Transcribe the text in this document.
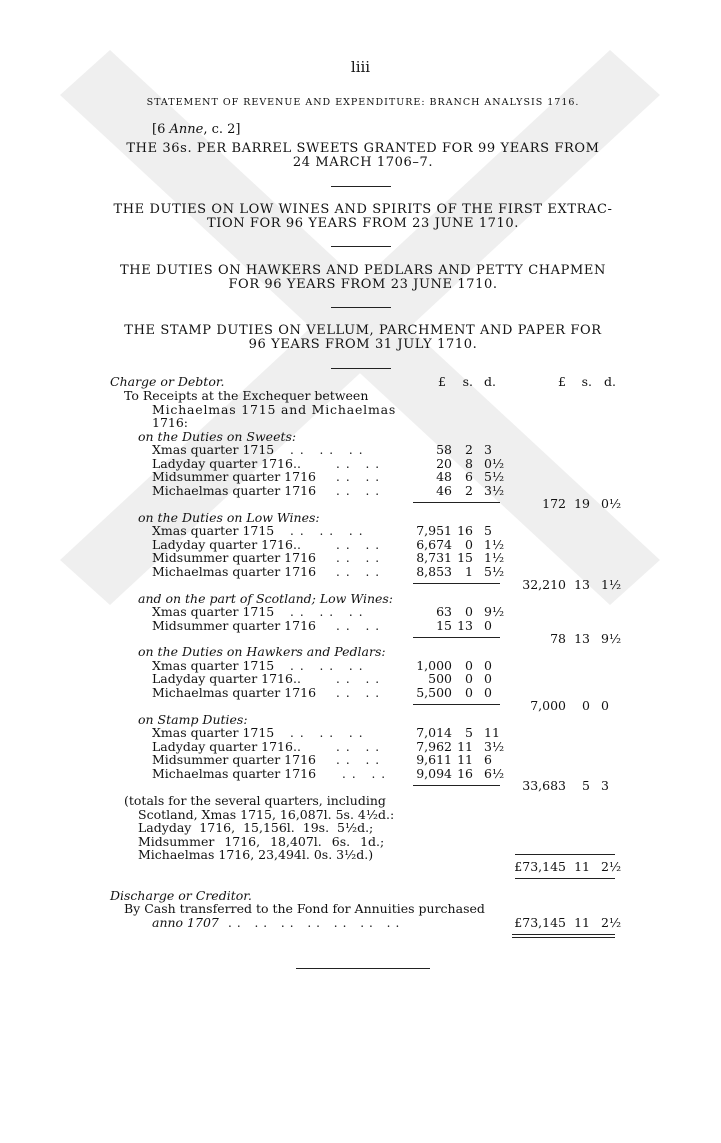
liii
STATEMENT OF REVENUE AND EXPENDITURE: BRANCH ANALYSIS 1716.
[6 Anne, c. 2]
THE 36s. PER BARREL SWEETS GRANTED FOR 99 YEARS FROM
24 MARCH 1706–7.
THE DUTIES ON LOW WINES AND SPIRITS OF THE FIRST EXTRAC-
TION FOR 96 YEARS FROM 23 JUNE 1710.
THE DUTIES ON HAWKERS AND PEDLARS AND PETTY CHAPMEN
FOR 96 YEARS FROM 23 JUNE 1710.
THE STAMP DUTIES ON VELLUM, PARCHMENT AND PAPER FOR
96 YEARS FROM 31 JULY 1710.
Charge or Debtor.	£	s. d.	£	s. d.
To Receipts at the Exchequer between
Michaelmas 1715 and Michaelmas
1716:
on the Duties on Sweets:
Xmas quarter 1715 .. .. ..	58	2 3
Ladyday quarter 1716..	.. ..	20	8 0½
Midsummer quarter 1716 .. ..	48	6 5½
Michaelmas quarter 1716 .. ..	46	2 3½
172 19 0½
on the Duties on Low Wines:
Xmas quarter 1715 .. .. ..	7,951 16 5
Ladyday quarter 1716..	.. ..	6,674	0 1½
Midsummer quarter 1716 .. ..	8,731 15 1½
Michaelmas quarter 1716 .. ..	8,853	1 5½
32,210 13 1½
and on the part of Scotland; Low Wines:
Xmas quarter 1715 .. .. ..	63	0 9½
Midsummer quarter 1716 .. ..	15 13 0
78 13 9½
on the Duties on Hawkers and Pedlars:
Xmas quarter 1715 .. .. ..	1,000	0 0
Ladyday quarter 1716..	.. ..	500	0 0
Michaelmas quarter 1716 .. ..	5,500	0 0
7,000	0 0
on Stamp Duties:
Xmas quarter 1715 .. .. ..	7,014	5 11
Ladyday quarter 1716..	.. ..	7,962 11 3½
Midsummer quarter 1716 .. ..	9,611 11 6
Michaelmas quarter 1716 .. ..	9,094 16 6½
33,683	5 3
(totals for the several quarters, including
Scotland, Xmas 1715, 16,087l. 5s. 4½d.:
Ladyday 1716, 15,156l. 19s. 5½d.;
Midsummer 1716, 18,407l. 6s. 1d.;
Michaelmas 1716, 23,494l. 0s. 3½d.)
£73,145 11 2½
Discharge or Creditor.
By Cash transferred to the Fond for Annuities purchased
anno 1707 .. .. .. .. .. .. ..	£73,145 11 2½
